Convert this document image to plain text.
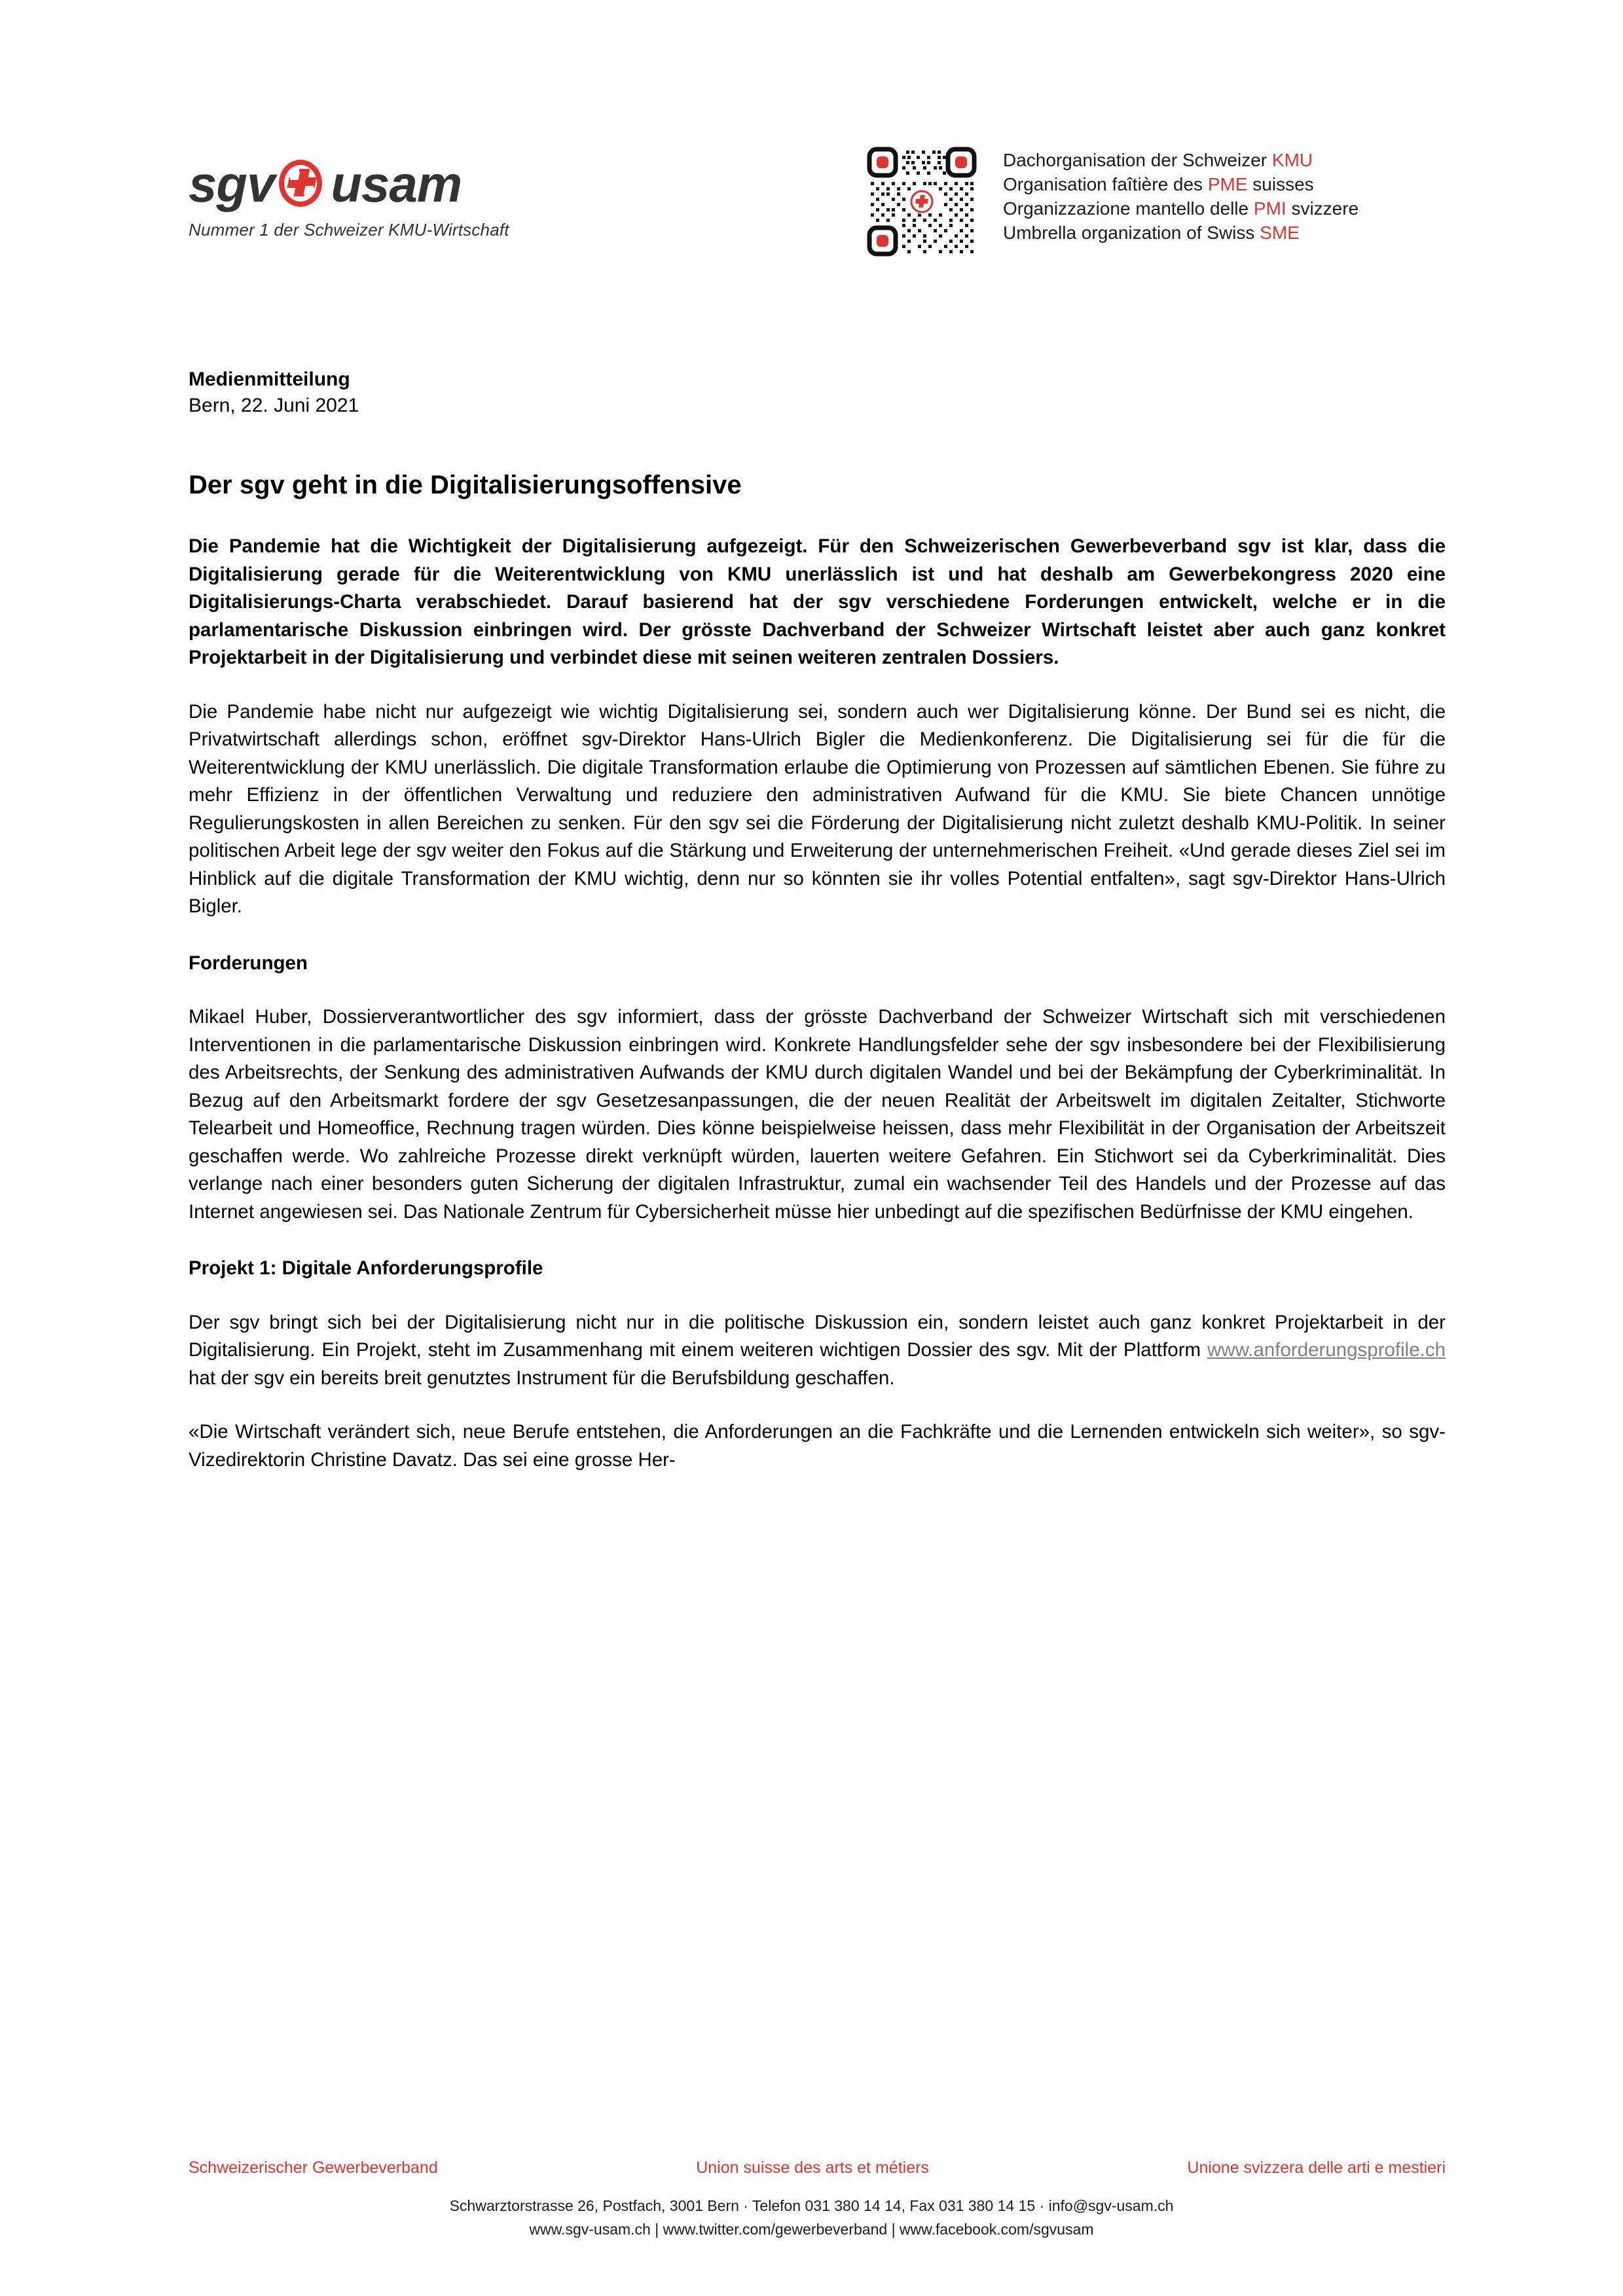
sgv usam
Nummer 1 der Schweizer KMU-Wirtschaft
Dachorganisation der Schweizer KMU
Organisation faîtière des PME suisses
Organizzazione mantello delle PMI svizzere
Umbrella organization of Swiss SME

Medienmitteilung

Bern, 22. Juni 2021

Der sgv geht in die Digitalisierungsoffensive

Die Pandemie hat die Wichtigkeit der Digitalisierung aufgezeigt. Für den Schweizerischen Gewerbeverband sgv ist klar, dass die Digitalisierung gerade für die Weiterentwicklung von KMU unerlässlich ist und hat deshalb am Gewerbekongress 2020 eine Digitalisierungs-Charta verabschiedet. Darauf basierend hat der sgv verschiedene Forderungen entwickelt, welche er in die parlamentarische Diskussion einbringen wird. Der grösste Dachverband der Schweizer Wirtschaft leistet aber auch ganz konkret Projektarbeit in der Digitalisierung und verbindet diese mit seinen weiteren zentralen Dossiers.

Die Pandemie habe nicht nur aufgezeigt wie wichtig Digitalisierung sei, sondern auch wer Digitalisierung könne. Der Bund sei es nicht, die Privatwirtschaft allerdings schon, eröffnet sgv-Direktor Hans-Ulrich Bigler die Medienkonferenz. Die Digitalisierung sei für die für die Weiterentwicklung der KMU unerlässlich. Die digitale Transformation erlaube die Optimierung von Prozessen auf sämtlichen Ebenen. Sie führe zu mehr Effizienz in der öffentlichen Verwaltung und reduziere den administrativen Aufwand für die KMU. Sie biete Chancen unnötige Regulierungskosten in allen Bereichen zu senken. Für den sgv sei die Förderung der Digitalisierung nicht zuletzt deshalb KMU-Politik. In seiner politischen Arbeit lege der sgv weiter den Fokus auf die Stärkung und Erweiterung der unternehmerischen Freiheit. «Und gerade dieses Ziel sei im Hinblick auf die digitale Transformation der KMU wichtig, denn nur so könnten sie ihr volles Potential entfalten», sagt sgv-Direktor Hans-Ulrich Bigler.

Forderungen

Mikael Huber, Dossierverantwortlicher des sgv informiert, dass der grösste Dachverband der Schweizer Wirtschaft sich mit verschiedenen Interventionen in die parlamentarische Diskussion einbringen wird. Konkrete Handlungsfelder sehe der sgv insbesondere bei der Flexibilisierung des Arbeitsrechts, der Senkung des administrativen Aufwands der KMU durch digitalen Wandel und bei der Bekämpfung der Cyberkriminalität. In Bezug auf den Arbeitsmarkt fordere der sgv Gesetzesanpassungen, die der neuen Realität der Arbeitswelt im digitalen Zeitalter, Stichworte Telearbeit und Homeoffice, Rechnung tragen würden. Dies könne beispielweise heissen, dass mehr Flexibilität in der Organisation der Arbeitszeit geschaffen werde. Wo zahlreiche Prozesse direkt verknüpft würden, lauerten weitere Gefahren. Ein Stichwort sei da Cyberkriminalität. Dies verlange nach einer besonders guten Sicherung der digitalen Infrastruktur, zumal ein wachsender Teil des Handels und der Prozesse auf das Internet angewiesen sei. Das Nationale Zentrum für Cybersicherheit müsse hier unbedingt auf die spezifischen Bedürfnisse der KMU eingehen.

Projekt 1: Digitale Anforderungsprofile

Der sgv bringt sich bei der Digitalisierung nicht nur in die politische Diskussion ein, sondern leistet auch ganz konkret Projektarbeit in der Digitalisierung. Ein Projekt, steht im Zusammenhang mit einem weiteren wichtigen Dossier des sgv. Mit der Plattform www.anforderungsprofile.ch hat der sgv ein bereits breit genutztes Instrument für die Berufsbildung geschaffen.

«Die Wirtschaft verändert sich, neue Berufe entstehen, die Anforderungen an die Fachkräfte und die Lernenden entwickeln sich weiter», so sgv-Vizedirektorin Christine Davatz. Das sei eine grosse Her-

Schweizerischer Gewerbeverband	Union suisse des arts et métiers	Unione svizzera delle arti e mestieri
Schwarztorstrasse 26, Postfach, 3001 Bern · Telefon 031 380 14 14, Fax 031 380 14 15 · info@sgv-usam.ch
www.sgv-usam.ch | www.twitter.com/gewerbeverband | www.facebook.com/sgvusam
